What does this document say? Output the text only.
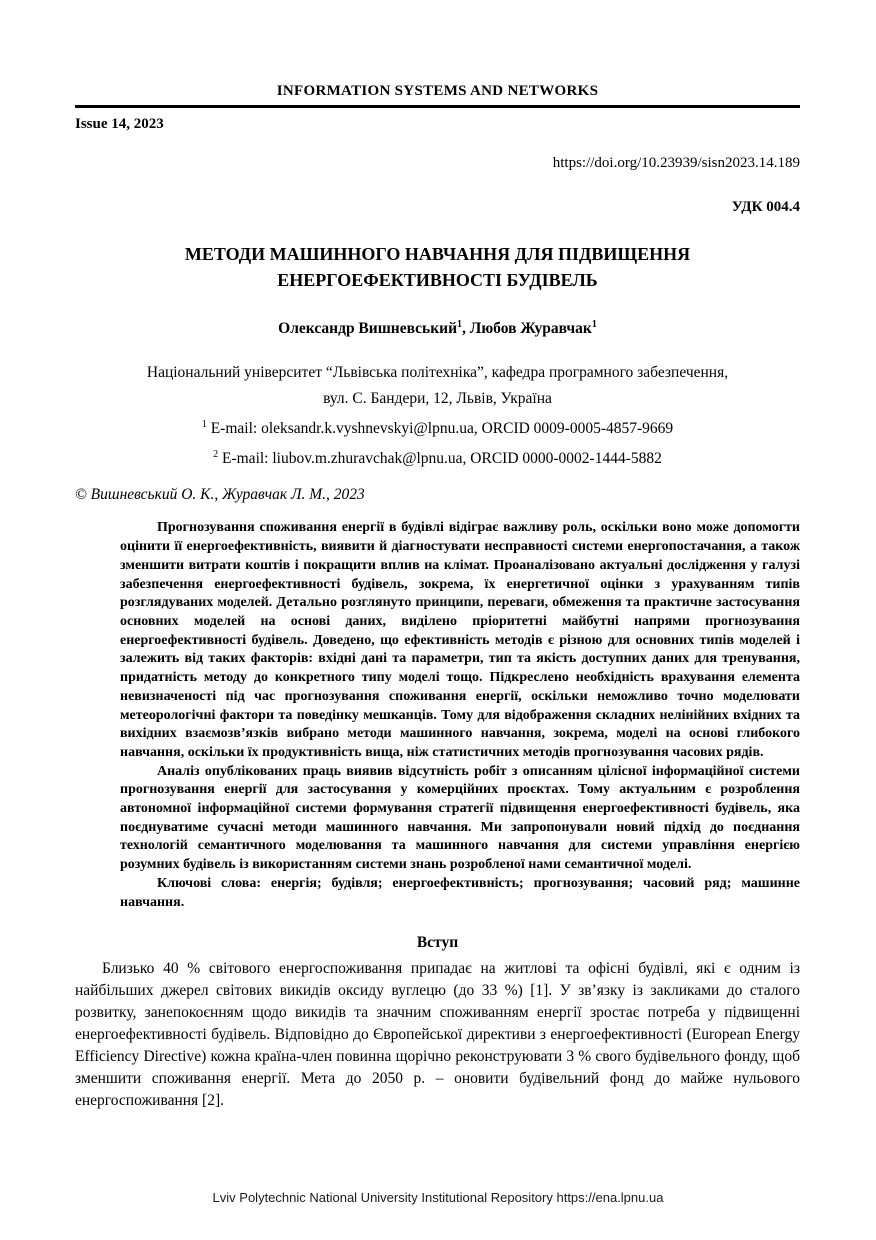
INFORMATION SYSTEMS AND NETWORKS
Issue 14, 2023
https://doi.org/10.23939/sisn2023.14.189
УДК 004.4
МЕТОДИ МАШИННОГО НАВЧАННЯ ДЛЯ ПІДВИЩЕННЯ ЕНЕРГОЕФЕКТИВНОСТІ БУДІВЕЛЬ
Олександр Вишневський$^1$, Любов Журавчак$^1$
Національний університет “Львівська політехніка”, кафедра програмного забезпечення,
вул. С. Бандери, 12, Львів, Україна
$^1$ E-mail: oleksandr.k.vyshnevskyi@lpnu.ua, ORCID 0009-0005-4857-9669
$^2$ E-mail: liubov.m.zhuravchak@lpnu.ua, ORCID 0000-0002-1444-5882
© Вишневський О. К., Журавчак Л. М., 2023

Прогнозування споживання енергії в будівлі відіграє важливу роль, оскільки воно може допомогти оцінити її енергоефективність, виявити й діагностувати несправності системи енергопостачання, а також зменшити витрати коштів і покращити вплив на клімат. Проаналізовано актуальні дослідження у галузі забезпечення енергоефективності будівель, зокрема, їх енергетичної оцінки з урахуванням типів розглядуваних моделей. Детально розглянуто принципи, переваги, обмеження та практичне застосування основних моделей на основі даних, виділено пріоритетні майбутні напрями прогнозування енергоефективності будівель. Доведено, що ефективність методів є різною для основних типів моделей і залежить від таких факторів: вхідні дані та параметри, тип та якість доступних даних для тренування, придатність методу до конкретного типу моделі тощо. Підкреслено необхідність врахування елемента невизначеності під час прогнозування споживання енергії, оскільки неможливо точно моделювати метеорологічні фактори та поведінку мешканців. Тому для відображення складних нелінійних вхідних та вихідних взаємозв’язків вибрано методи машинного навчання, зокрема, моделі на основі глибокого навчання, оскільки їх продуктивність вища, ніж статистичних методів прогнозування часових рядів.

Аналіз опублікованих праць виявив відсутність робіт з описанням цілісної інформаційної системи прогнозування енергії для застосування у комерційних проєктах. Тому актуальним є розроблення автономної інформаційної системи формування стратегії підвищення енергоефективності будівель, яка поєднуватиме сучасні методи машинного навчання. Ми запропонували новий підхід до поєднання технологій семантичного моделювання та машинного навчання для системи управління енергією розумних будівель із використанням системи знань розробленої нами семантичної моделі.

Ключові слова: енергія; будівля; енергоефективність; прогнозування; часовий ряд; машинне навчання.

Вступ

Близько 40 % світового енергоспоживання припадає на житлові та офісні будівлі, які є одним із найбільших джерел світових викидів оксиду вуглецю (до 33 %) [1]. У зв’язку із закликами до сталого розвитку, занепокоєнням щодо викидів та значним споживанням енергії зростає потреба у підвищенні енергоефективності будівель. Відповідно до Європейської директиви з енергоефективності (European Energy Efficiency Directive) кожна країна-член повинна щорічно реконструювати 3 % свого будівельного фонду, щоб зменшити споживання енергії. Мета до 2050 р. – оновити будівельний фонд до майже нульового енергоспоживання [2].

Lviv Polytechnic National University Institutional Repository https://ena.lpnu.ua
